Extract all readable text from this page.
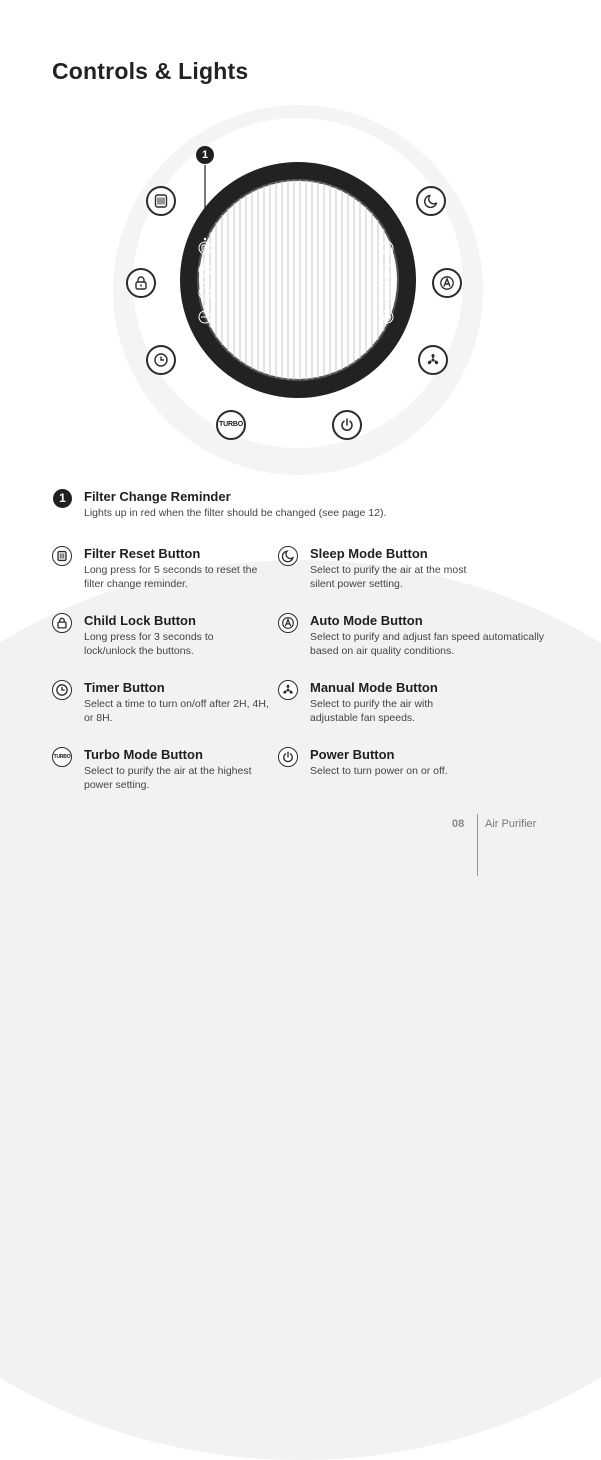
Controls & Lights
1
TURBO
1	Filter Change Reminder
Lights up in red when the filter should be changed (see page 12).
Filter Reset Button
Long press for 5 seconds to reset the filter change reminder.
Sleep Mode Button
Select to purify the air at the most silent power setting.
Child Lock Button
Long press for 3 seconds to lock/unlock the buttons.
Auto Mode Button
Select to purify and adjust fan speed automatically based on air quality conditions.
Timer Button
Select a time to turn on/off after 2H, 4H, or 8H.
Manual Mode Button
Select to purify the air with adjustable fan speeds.
TURBO Turbo Mode Button
Select to purify the air at the highest power setting.
Power Button
Select to turn power on or off.
08 Air Purifier
